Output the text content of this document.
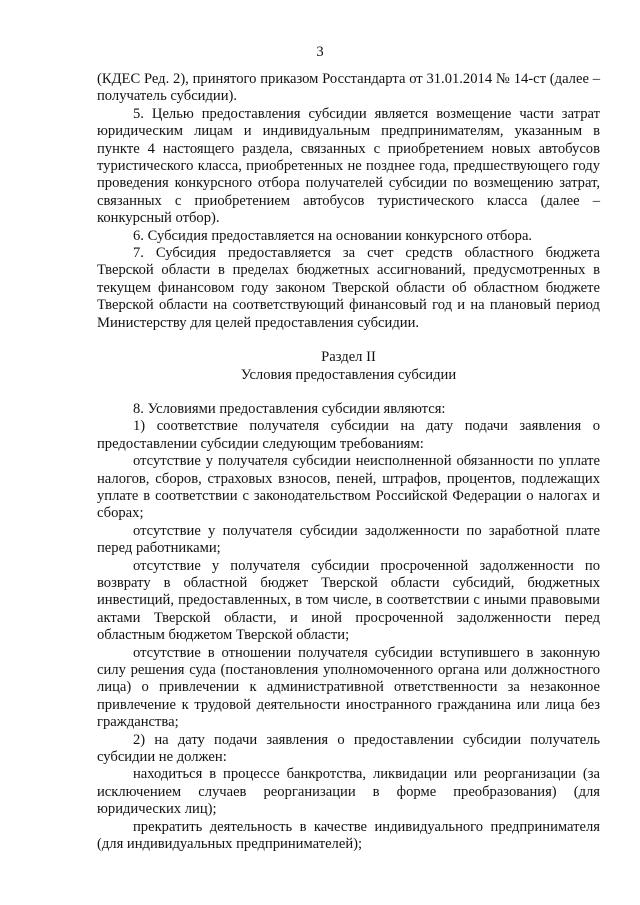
3

(КДЕС Ред. 2), принятого приказом Росстандарта от 31.01.2014 № 14-ст (далее – получатель субсидии).

5. Целью предоставления субсидии является возмещение части затрат юридическим лицам и индивидуальным предпринимателям, указанным в пункте 4 настоящего раздела, связанных с приобретением новых автобусов туристического класса, приобретенных не позднее года, предшествующего году проведения конкурсного отбора получателей субсидии по возмещению затрат, связанных с приобретением автобусов туристического класса (далее – конкурсный отбор).

6. Субсидия предоставляется на основании конкурсного отбора.

7. Субсидия предоставляется за счет средств областного бюджета Тверской области в пределах бюджетных ассигнований, предусмотренных в текущем финансовом году законом Тверской области об областном бюджете Тверской области на соответствующий финансовый год и на плановый период Министерству для целей предоставления субсидии.

Раздел II

Условия предоставления субсидии

8. Условиями предоставления субсидии являются:

1) соответствие получателя субсидии на дату подачи заявления о предоставлении субсидии следующим требованиям:

отсутствие у получателя субсидии неисполненной обязанности по уплате налогов, сборов, страховых взносов, пеней, штрафов, процентов, подлежащих уплате в соответствии с законодательством Российской Федерации о налогах и сборах;

отсутствие у получателя субсидии задолженности по заработной плате перед работниками;

отсутствие у получателя субсидии просроченной задолженности по возврату в областной бюджет Тверской области субсидий, бюджетных инвестиций, предоставленных, в том числе, в соответствии с иными правовыми актами Тверской области, и иной просроченной задолженности перед областным бюджетом Тверской области;

отсутствие в отношении получателя субсидии вступившего в законную силу решения суда (постановления уполномоченного органа или должностного лица) о привлечении к административной ответственности за незаконное привлечение к трудовой деятельности иностранного гражданина или лица без гражданства;

2) на дату подачи заявления о предоставлении субсидии получатель субсидии не должен:

находиться в процессе банкротства, ликвидации или реорганизации (за исключением случаев реорганизации в форме преобразования) (для юридических лиц);

прекратить деятельность в качестве индивидуального предпринимателя (для индивидуальных предпринимателей);
